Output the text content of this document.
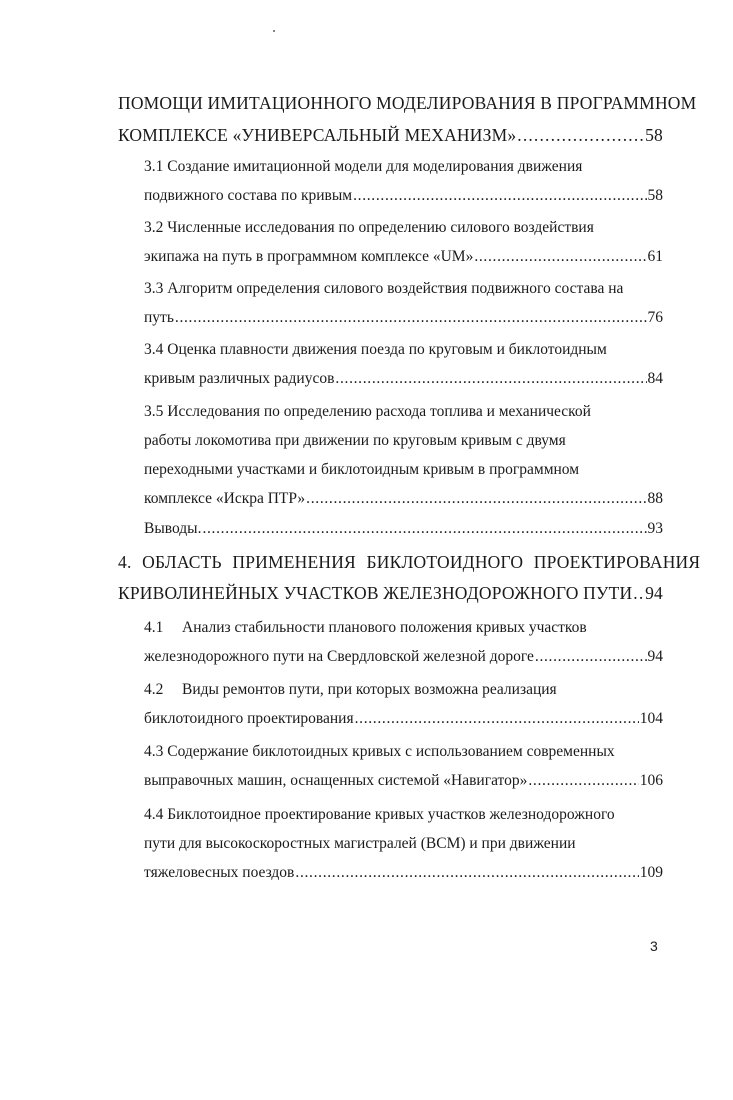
ПОМОЩИ ИМИТАЦИОННОГО МОДЕЛИРОВАНИЯ В ПРОГРАММНОМ
КОМПЛЕКСЕ «УНИВЕРСАЛЬНЫЙ МЕХАНИЗМ» . . .	58
3.1 Создание имитационной модели для моделирования движения
подвижного состава по кривым . . .	58
3.2 Численные исследования по определению силового воздействия
экипажа на путь в программном комплексе «UM» . . .	61
3.3 Алгоритм определения силового воздействия подвижного состава на
путь . . .	76
3.4 Оценка плавности движения поезда по круговым и биклотоидным
кривым различных радиусов . . .	84
3.5 Исследования по определению расхода топлива и механической
работы локомотива при движении по круговым кривым с двумя
переходными участками и биклотоидным кривым в программном
комплексе «Искра ПТР» . . .	88
Выводы. . . .	93
4. ОБЛАСТЬ ПРИМЕНЕНИЯ БИКЛОТОИДНОГО ПРОЕКТИРОВАНИЯ
КРИВОЛИНЕЙНЫХ УЧАСТКОВ ЖЕЛЕЗНОДОРОЖНОГО ПУТИ . . . 94
4.1	Анализ стабильности планового положения кривых участков
железнодорожного пути на Свердловской железной дороге . . .	94
4.2	Виды ремонтов пути, при которых возможна реализация
биклотоидного проектирования . . .	104
4.3 Содержание биклотоидных кривых с использованием современных
выправочных машин, оснащенных системой «Навигатор» . . .	106
4.4 Биклотоидное проектирование кривых участков железнодорожного
пути для высокоскоростных магистралей (ВСМ) и при движении
тяжеловесных поездов . . .	109
3
